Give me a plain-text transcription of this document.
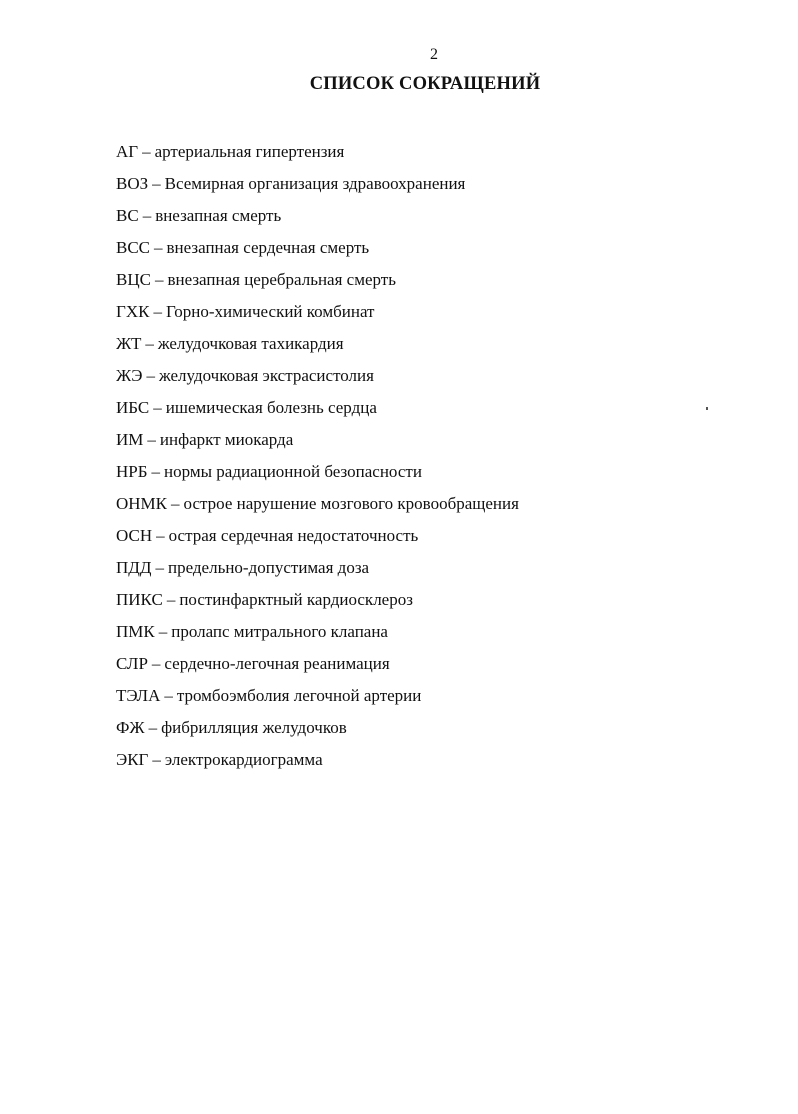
2
СПИСОК СОКРАЩЕНИЙ
АГ – артериальная гипертензия
ВОЗ – Всемирная организация здравоохранения
ВС – внезапная смерть
ВСС – внезапная сердечная смерть
ВЦС – внезапная церебральная смерть
ГХК – Горно-химический комбинат
ЖТ – желудочковая тахикардия
ЖЭ – желудочковая экстрасистолия
ИБС – ишемическая болезнь сердца
ИМ – инфаркт миокарда
НРБ – нормы радиационной безопасности
ОНМК – острое нарушение мозгового кровообращения
ОСН – острая сердечная недостаточность
ПДД – предельно-допустимая доза
ПИКС – постинфарктный кардиосклероз
ПМК – пролапс митрального клапана
СЛР – сердечно-легочная реанимация
ТЭЛА – тромбоэмболия легочной артерии
ФЖ – фибрилляция желудочков
ЭКГ – электрокардиограмма
